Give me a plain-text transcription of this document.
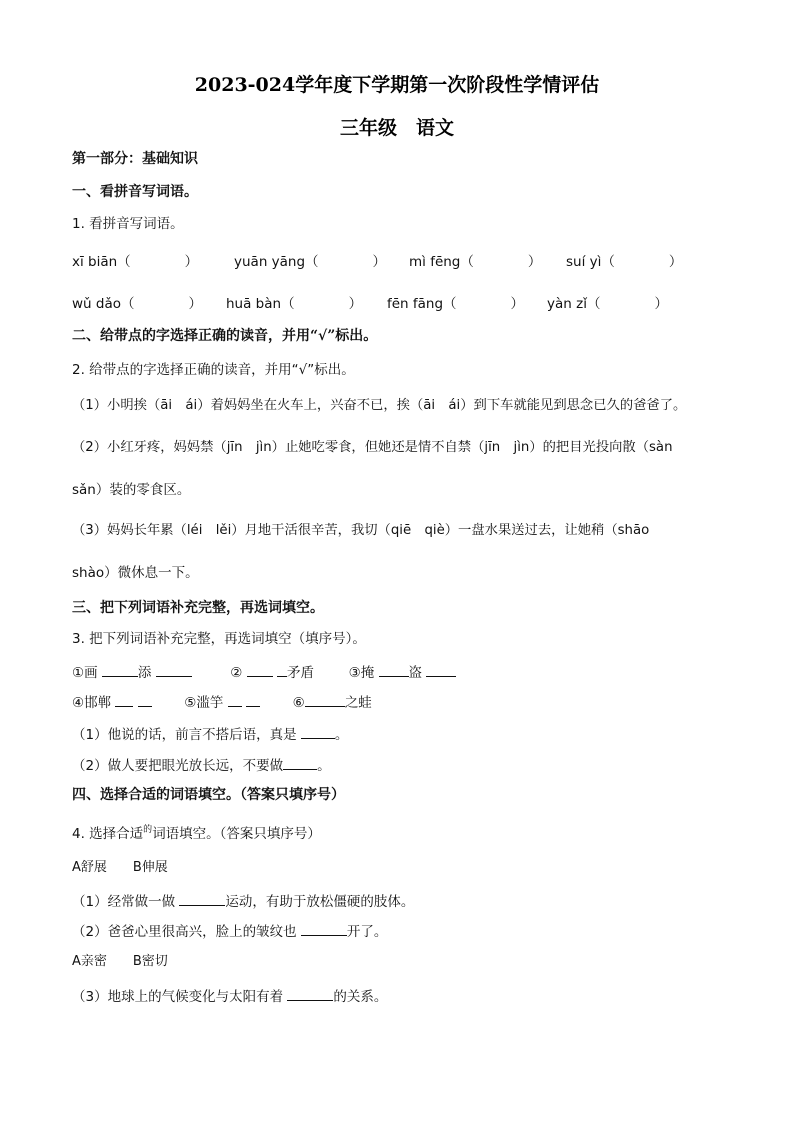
2023-024学年度下学期第一次阶段性学情评估
三年级　语文
第一部分：基础知识
一、看拼音写词语。
1. 看拼音写词语。
xī biān（　　　　）	yuān yāng（　　　　） mì fēng（　　　　） suí yì（　　　　）
wǔ dǎo（　　　　） huā bàn（　　　　） fēn fāng（　　　　） yàn zǐ（　　　　）
二、给带点的字选择正确的读音，并用“√”标出。
2. 给带点的字选择正确的读音，并用“√”标出。
（1）小明挨（āi　ái）着妈妈坐在火车上，兴奋不已，挨（āi　ái）到下车就能见到思念已久的爸爸了。
（2）小红牙疼，妈妈禁（jīn　jìn）止她吃零食，但她还是情不自禁（jīn　jìn）的把目光投向散（sàn
sǎn）装的零食区。
（3）妈妈长年累（léi　lěi）月地干活很辛苦，我切（qiē　qiè）一盘水果送过去，让她稍（shāo
shào）微休息一下。
三、把下列词语补充完整，再选词填空。
3. 把下列词语补充完整，再选词填空（填序号）。
①画	添	②	矛盾	③掩	盗
④邯郸	⑤滥竽	⑥	之蛙
（1）他说的话，前言不搭后语，真是	。
（2）做人要把眼光放长远，不要做	。
四、选择合适的词语填空。（答案只填序号）
4. 选择合适$^的$词语填空。（答案只填序号）
A舒展　　B伸展
（1）经常做一做	运动，有助于放松僵硬的肢体。
（2）爸爸心里很高兴，脸上的皱纹也	开了。
A亲密　　B密切
（3）地球上的气候变化与太阳有着	的关系。
